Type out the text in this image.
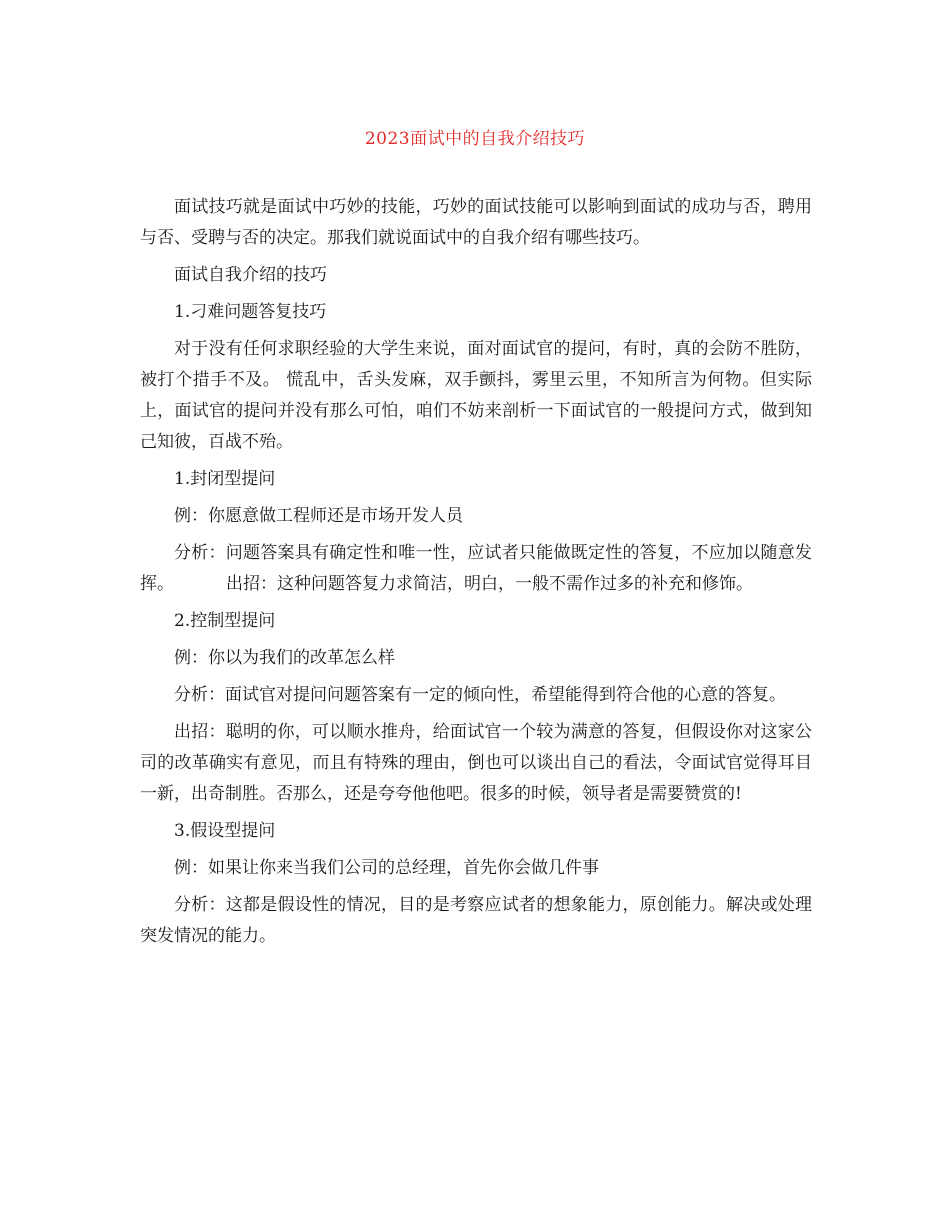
2023面试中的自我介绍技巧

面试技巧就是面试中巧妙的技能，巧妙的面试技能可以影响到面试的成功与否，聘用与否、受聘与否的决定。那我们就说面试中的自我介绍有哪些技巧。

面试自我介绍的技巧

1.刁难问题答复技巧

对于没有任何求职经验的大学生来说，面对面试官的提问，有时，真的会防不胜防，被打个措手不及。 慌乱中，舌头发麻，双手颤抖，雾里云里，不知所言为何物。但实际上，面试官的提问并没有那么可怕，咱们不妨来剖析一下面试官的一般提问方式，做到知己知彼，百战不殆。

1.封闭型提问

例：你愿意做工程师还是市场开发人员

分析：问题答案具有确定性和唯一性，应试者只能做既定性的答复，不应加以随意发挥。	出招：这种问题答复力求简洁，明白，一般不需作过多的补充和修饰。

2.控制型提问

例：你以为我们的改革怎么样

分析：面试官对提问问题答案有一定的倾向性，希望能得到符合他的心意的答复。

出招：聪明的你，可以顺水推舟，给面试官一个较为满意的答复，但假设你对这家公司的改革确实有意见，而且有特殊的理由，倒也可以谈出自己的看法，令面试官觉得耳目一新，出奇制胜。否那么，还是夸夸他他吧。很多的时候，领导者是需要赞赏的!

3.假设型提问

例：如果让你来当我们公司的总经理，首先你会做几件事

分析：这都是假设性的情况，目的是考察应试者的想象能力，原创能力。解决或处理突发情况的能力。
